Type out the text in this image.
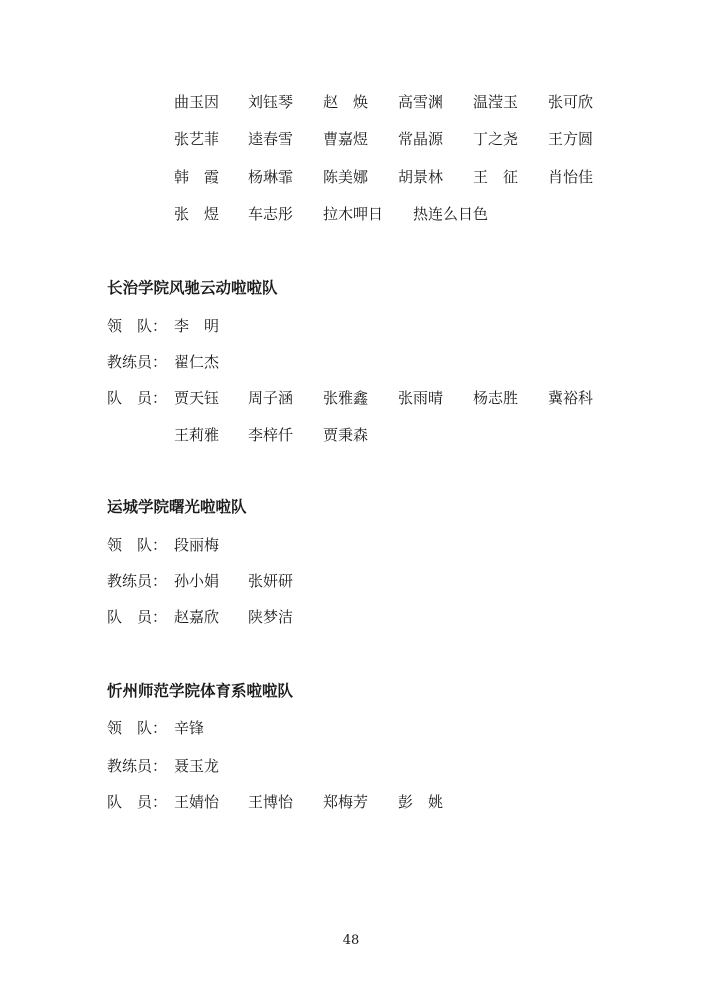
曲玉因 刘钰琴 赵　焕 高雪渊 温滢玉 张可欣
张艺菲 逵春雪 曹嘉煜 常晶源 丁之尧 王方圆
韩　霞 杨琳霏 陈美娜 胡景林 王　征 肖怡佳
张　煜 车志彤 拉木呷日 热连么日色
长治学院风驰云动啦啦队
领　队： 李　明
教练员： 翟仁杰
队　员： 贾天钰 周子涵 张雅鑫 张雨晴 杨志胜 冀裕科
王莉雅 李梓仟 贾秉森
运城学院曙光啦啦队
领　队： 段丽梅
教练员： 孙小娟 张妍研
队　员： 赵嘉欣 陕梦洁
忻州师范学院体育系啦啦队
领　队： 辛锋
教练员： 聂玉龙
队　员： 王婧怡 王博怡 郑梅芳 彭　姚
48
